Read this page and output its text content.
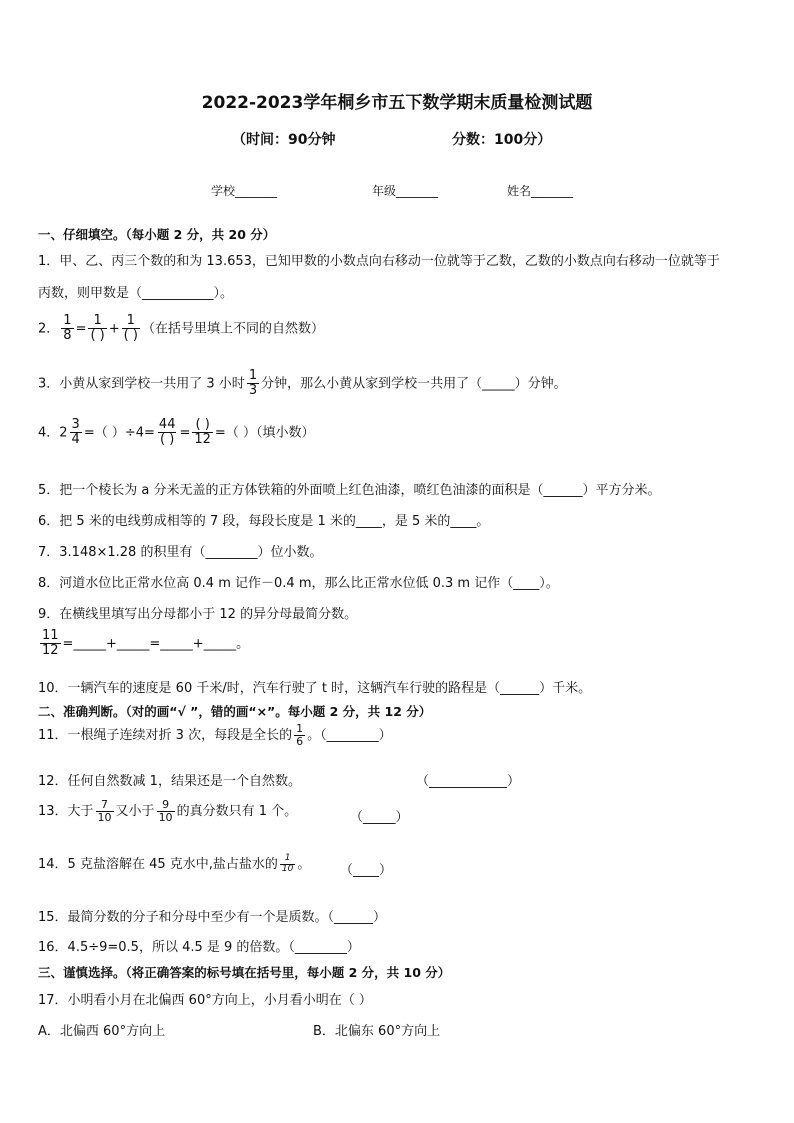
2022-2023学年桐乡市五下数学期末质量检测试题
（时间：90分钟	分数：100分）
学校_______	年级_______	姓名_______
一、仔细填空。（每小题 2 分，共 20 分）
1．甲、乙、丙三个数的和为 13.653，已知甲数的小数点向右移动一位就等于乙数，乙数的小数点向右移动一位就等于
丙数，则甲数是（___________）。
2． $\frac{1}{8} = \frac{1}{( )} + \frac{1}{( )}$ （在括号里填上不同的自然数）
3．小黄从家到学校一共用了 3 小时 $\frac{1}{3}$ 分钟，那么小黄从家到学校一共用了（_____）分钟。
4．$2 \frac{3}{4}$ =（ ）$\div 4= \frac{44}{( )} = \frac{( )}{12}$ =（ ）（填小数）
5．把一个棱长为 a 分米无盖的正方体铁箱的外面喷上红色油漆，喷红色油漆的面积是（______）平方分米。
6．把 5 米的电线剪成相等的 7 段，每段长度是 1 米的____，是 5 米的____。
7．3.148×1.28 的积里有（________）位小数。
8．河道水位比正常水位高 0.4 m 记作－0.4 m，那么比正常水位低 0.3 m 记作（____）。
9．在横线里填写出分母都小于 12 的异分母最简分数。
$\frac{11}{12}$ =_____+_____=_____+_____。
10．一辆汽车的速度是 60 千米/时，汽车行驶了 t 时，这辆汽车行驶的路程是（______）千米。
二、准确判断。（对的画“√ ”，错的画“×”。每小题 2 分，共 12 分）
11．一根绳子连续对折 3 次，每段是全长的 $\frac{1}{6}$ 。（________）
12．任何自然数减 1，结果还是一个自然数。	（____________）
13．大于 $\frac{7}{10}$ 又小于 $\frac{9}{10}$ 的真分数只有 1 个。	（_____）
14．5 克盐溶解在 45 克水中,盐占盐水的 $\frac{1}{10}$ 。 （____）
15．最简分数的分子和分母中至少有一个是质数。（______）
16．4.5÷9=0.5，所以 4.5 是 9 的倍数。（________）
三、谨慎选择。（将正确答案的标号填在括号里，每小题 2 分，共 10 分）
17．小明看小月在北偏西 60°方向上，小月看小明在（ ）
A．北偏西 60°方向上	B．北偏东 60°方向上
